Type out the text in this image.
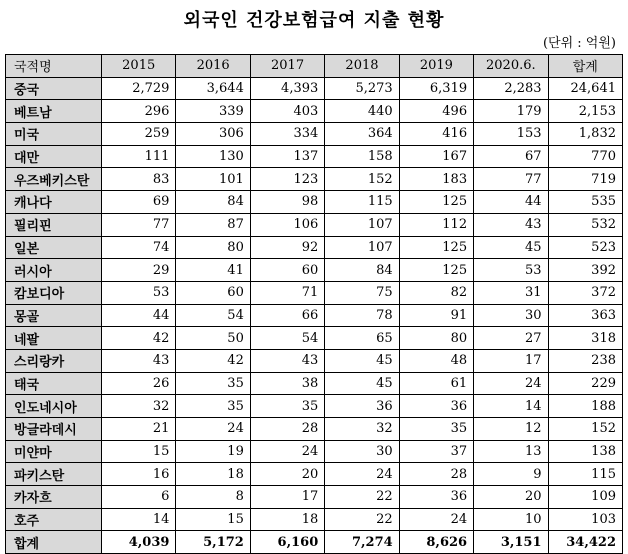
외국인 건강보험급여 지출 현황
(단위 : 억원)
국적명	2015	2016	2017	2018	2019	2020.6.	합계
중국	2,729	3,644	4,393	5,273	6,319	2,283	24,641
베트남	296	339	403	440	496	179	2,153
미국	259	306	334	364	416	153	1,832
대만	111	130	137	158	167	67	770
우즈베키스탄	83	101	123	152	183	77	719
캐나다	69	84	98	115	125	44	535
필리핀	77	87	106	107	112	43	532
일본	74	80	92	107	125	45	523
러시아	29	41	60	84	125	53	392
캄보디아	53	60	71	75	82	31	372
몽골	44	54	66	78	91	30	363
네팔	42	50	54	65	80	27	318
스리랑카	43	42	43	45	48	17	238
태국	26	35	38	45	61	24	229
인도네시아	32	35	35	36	36	14	188
방글라데시	21	24	28	32	35	12	152
미얀마	15	19	24	30	37	13	138
파키스탄	16	18	20	24	28	9	115
카자흐	6	8	17	22	36	20	109
호주	14	15	18	22	24	10	103
합계	4,039	5,172	6,160	7,274	8,626	3,151	34,422
